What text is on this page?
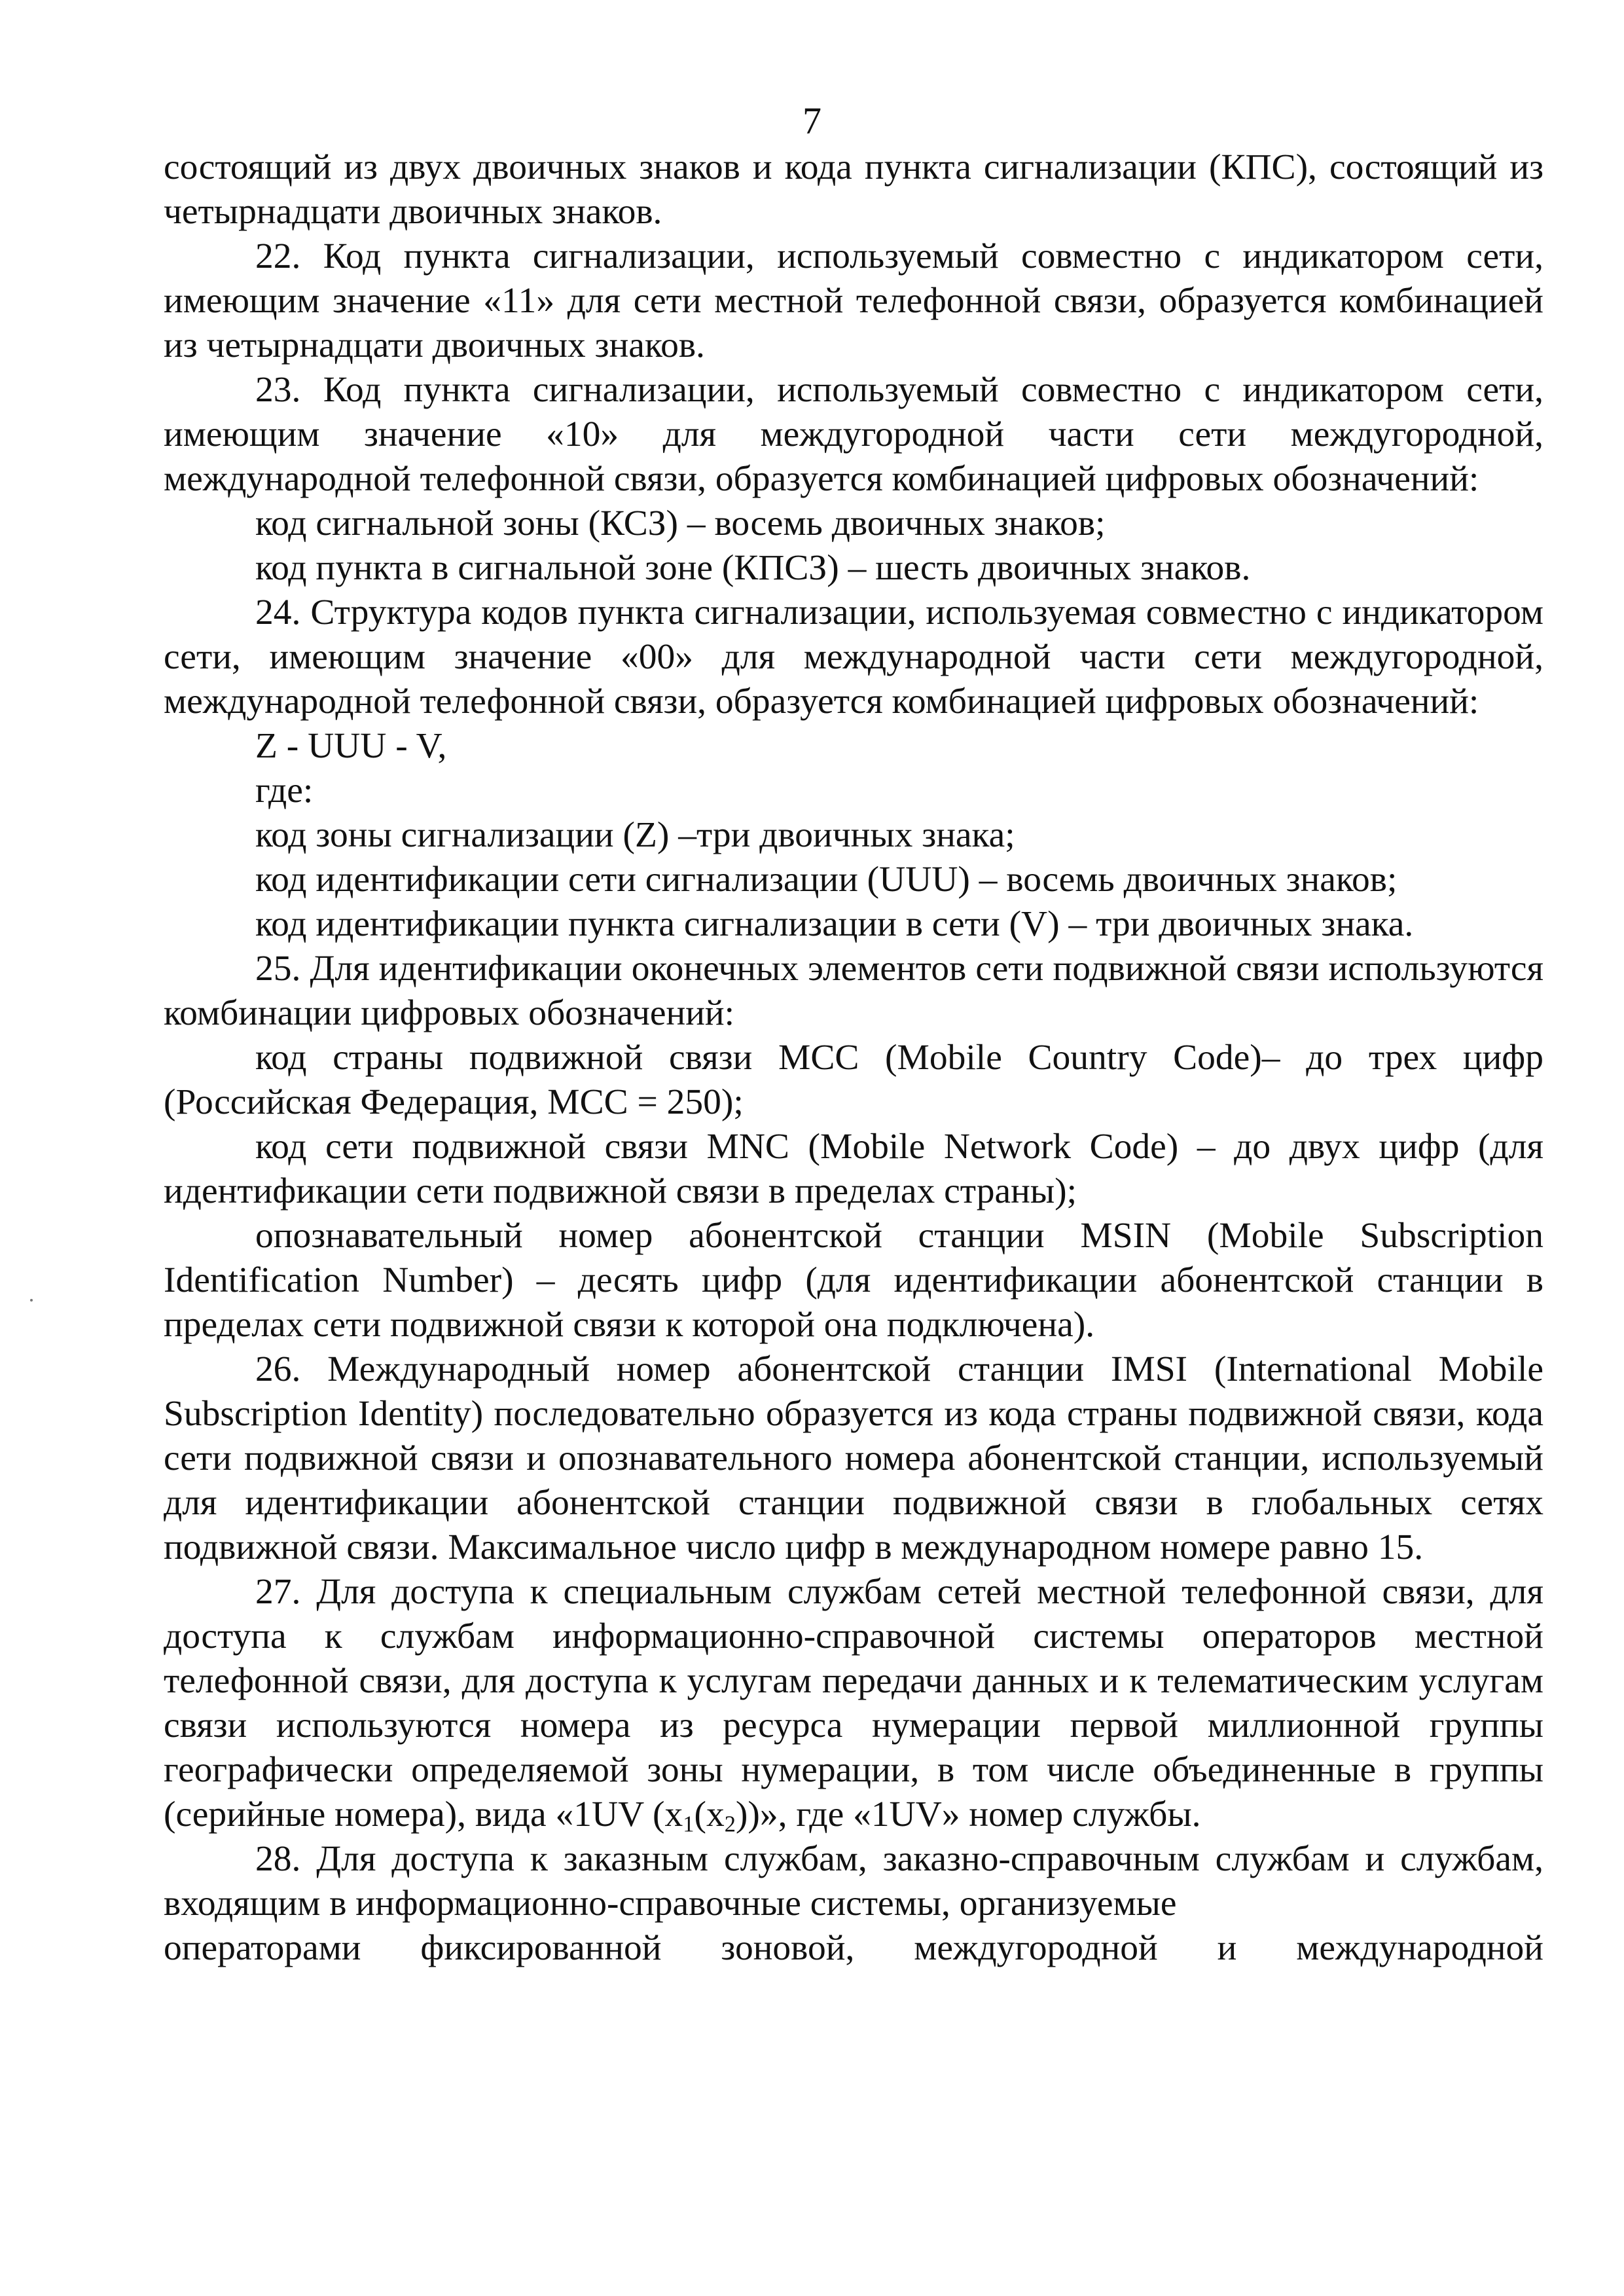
7

состоящий из двух двоичных знаков и кода пункта сигнализации (КПС), состоящий из четырнадцати двоичных знаков.

22. Код пункта сигнализации, используемый совместно с индикатором сети, имеющим значение «11» для сети местной телефонной связи, образуется комбинацией из четырнадцати двоичных знаков.

23. Код пункта сигнализации, используемый совместно с индикатором сети, имеющим значение «10» для междугородной части сети междугородной, международной телефонной связи, образуется комбинацией цифровых обозначений:

код сигнальной зоны (КСЗ) – восемь двоичных знаков;

код пункта в сигнальной зоне (КПСЗ) – шесть двоичных знаков.

24. Структура кодов пункта сигнализации, используемая совместно с индикатором сети, имеющим значение «00» для международной части сети междугородной, международной телефонной связи, образуется комбинацией цифровых обозначений:

Z - UUU - V,

где:

код зоны сигнализации (Z) –три двоичных знака;

код идентификации сети сигнализации (UUU) – восемь двоичных знаков;

код идентификации пункта сигнализации в сети (V) – три двоичных знака.

25. Для идентификации оконечных элементов сети подвижной связи используются комбинации цифровых обозначений:

код страны подвижной связи MCC (Mobile Country Code)– до трех цифр (Российская Федерация, MCC = 250);

код сети подвижной связи MNC (Mobile Network Code) – до двух цифр (для идентификации сети подвижной связи в пределах страны);

опознавательный номер абонентской станции MSIN (Mobile Subscription Identification Number) – десять цифр (для идентификации абонентской станции в пределах сети подвижной связи к которой она подключена).

26. Международный номер абонентской станции IMSI (International Mobile Subscription Identity) последовательно образуется из кода страны подвижной связи, кода сети подвижной связи и опознавательного номера абонентской станции, используемый для идентификации абонентской станции подвижной связи в глобальных сетях подвижной связи. Максимальное число цифр в международном номере равно 15.

27. Для доступа к специальным службам сетей местной телефонной связи, для доступа к службам информационно-справочной системы операторов местной телефонной связи, для доступа к услугам передачи данных и к телематическим услугам связи используются номера из ресурса нумерации первой миллионной группы географически определяемой зоны нумерации, в том числе объединенные в группы (серийные номера), вида «1UV $(x_1(x_2))$», где «1UV» номер службы.

28. Для доступа к заказным службам, заказно-справочным службам и службам, входящим в информационно-справочные системы, организуемые

операторами фиксированной зоновой, междугородной и международной
